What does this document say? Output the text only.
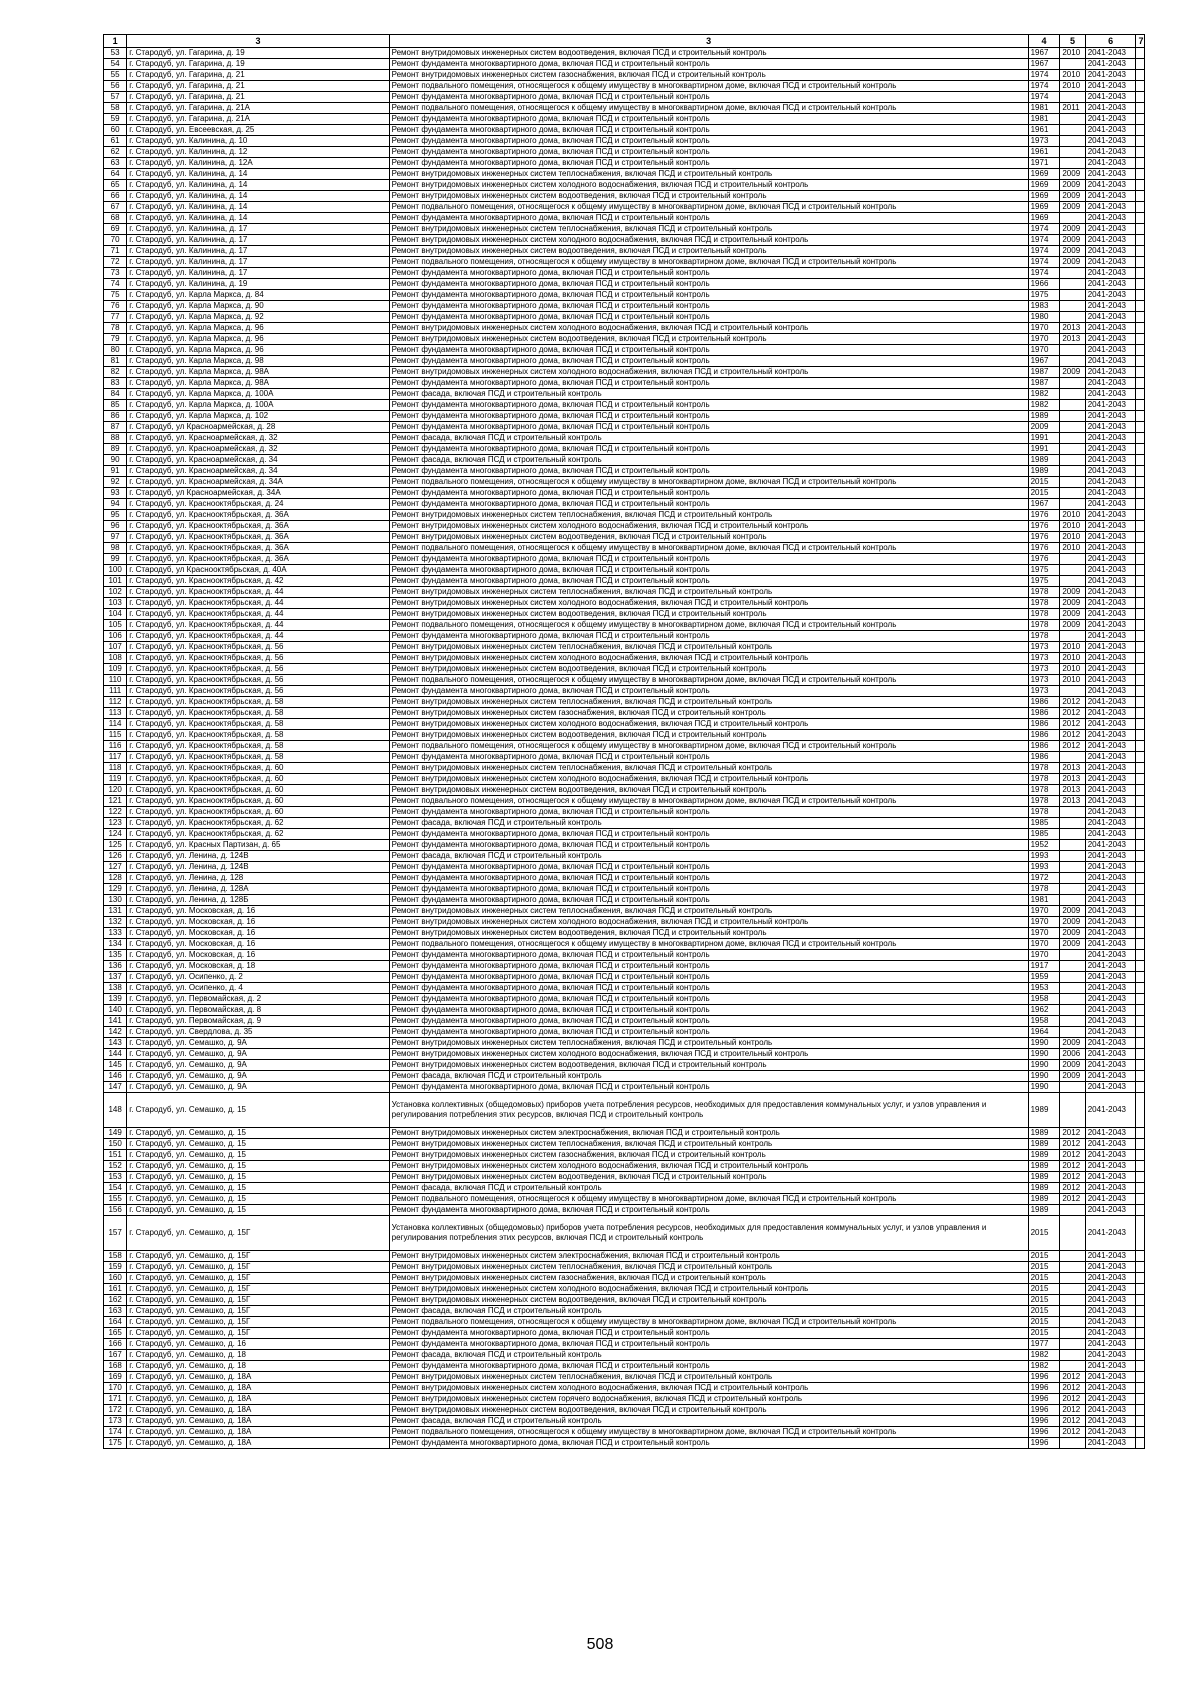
1	3	3	4	5	6	7
53	г. Стародуб, ул. Гагарина, д. 19	Ремонт внутридомовых инженерных систем водоотведения, включая ПСД и строительный контроль	1967	2010	2041-2043	
54	г. Стародуб, ул. Гагарина, д. 19	Ремонт фундамента многоквартирного дома, включая ПСД и строительный контроль	1967		2041-2043	
55	г. Стародуб, ул. Гагарина, д. 21	Ремонт внутридомовых инженерных систем газоснабжения, включая ПСД и строительный контроль	1974	2010	2041-2043	
56	г. Стародуб, ул. Гагарина, д. 21	Ремонт подвального помещения, относящегося к общему имуществу в многоквартирном доме, включая ПСД и строительный контроль	1974	2010	2041-2043	
57	г. Стародуб, ул. Гагарина, д. 21	Ремонт фундамента многоквартирного дома, включая ПСД и строительный контроль	1974		2041-2043	
58	г. Стародуб, ул. Гагарина, д. 21А	Ремонт подвального помещения, относящегося к общему имуществу в многоквартирном доме, включая ПСД и строительный контроль	1981	2011	2041-2043	
59	г. Стародуб, ул. Гагарина, д. 21А	Ремонт фундамента многоквартирного дома, включая ПСД и строительный контроль	1981		2041-2043	
60	г. Стародуб, ул. Евсеевская, д. 25	Ремонт фундамента многоквартирного дома, включая ПСД и строительный контроль	1961		2041-2043	
61	г. Стародуб, ул. Калинина, д. 10	Ремонт фундамента многоквартирного дома, включая ПСД и строительный контроль	1973		2041-2043	
62	г. Стародуб, ул. Калинина, д. 12	Ремонт фундамента многоквартирного дома, включая ПСД и строительный контроль	1961		2041-2043	
63	г. Стародуб, ул. Калинина, д. 12А	Ремонт фундамента многоквартирного дома, включая ПСД и строительный контроль	1971		2041-2043	
64	г. Стародуб, ул. Калинина, д. 14	Ремонт внутридомовых инженерных систем теплоснабжения, включая ПСД и строительный контроль	1969	2009	2041-2043	
65	г. Стародуб, ул. Калинина, д. 14	Ремонт внутридомовых инженерных систем холодного водоснабжения, включая ПСД и строительный контроль	1969	2009	2041-2043	
66	г. Стародуб, ул. Калинина, д. 14	Ремонт внутридомовых инженерных систем водоотведения, включая ПСД и строительный контроль	1969	2009	2041-2043	
67	г. Стародуб, ул. Калинина, д. 14	Ремонт подвального помещения, относящегося к общему имуществу в многоквартирном доме, включая ПСД и строительный контроль	1969	2009	2041-2043	
68	г. Стародуб, ул. Калинина, д. 14	Ремонт фундамента многоквартирного дома, включая ПСД и строительный контроль	1969		2041-2043	
69	г. Стародуб, ул. Калинина, д. 17	Ремонт внутридомовых инженерных систем теплоснабжения, включая ПСД и строительный контроль	1974	2009	2041-2043	
70	г. Стародуб, ул. Калинина, д. 17	Ремонт внутридомовых инженерных систем холодного водоснабжения, включая ПСД и строительный контроль	1974	2009	2041-2043	
71	г. Стародуб, ул. Калинина, д. 17	Ремонт внутридомовых инженерных систем водоотведения, включая ПСД и строительный контроль	1974	2009	2041-2043	
72	г. Стародуб, ул. Калинина, д. 17	Ремонт подвального помещения, относящегося к общему имуществу в многоквартирном доме, включая ПСД и строительный контроль	1974	2009	2041-2043	
73	г. Стародуб, ул. Калинина, д. 17	Ремонт фундамента многоквартирного дома, включая ПСД и строительный контроль	1974		2041-2043	
74	г. Стародуб, ул. Калинина, д. 19	Ремонт фундамента многоквартирного дома, включая ПСД и строительный контроль	1966		2041-2043	
75	г. Стародуб, ул. Карла Маркса, д. 84	Ремонт фундамента многоквартирного дома, включая ПСД и строительный контроль	1975		2041-2043	
76	г. Стародуб, ул. Карла Маркса, д. 90	Ремонт фундамента многоквартирного дома, включая ПСД и строительный контроль	1983		2041-2043	
77	г. Стародуб, ул. Карла Маркса, д. 92	Ремонт фундамента многоквартирного дома, включая ПСД и строительный контроль	1980		2041-2043	
78	г. Стародуб, ул. Карла Маркса, д. 96	Ремонт внутридомовых инженерных систем холодного водоснабжения, включая ПСД и строительный контроль	1970	2013	2041-2043	
79	г. Стародуб, ул. Карла Маркса, д. 96	Ремонт внутридомовых инженерных систем водоотведения, включая ПСД и строительный контроль	1970	2013	2041-2043	
80	г. Стародуб, ул. Карла Маркса, д. 96	Ремонт фундамента многоквартирного дома, включая ПСД и строительный контроль	1970		2041-2043	
81	г. Стародуб, ул. Карла Маркса, д. 98	Ремонт фундамента многоквартирного дома, включая ПСД и строительный контроль	1967		2041-2043	
82	г. Стародуб, ул. Карла Маркса, д. 98А	Ремонт внутридомовых инженерных систем холодного водоснабжения, включая ПСД и строительный контроль	1987	2009	2041-2043	
83	г. Стародуб, ул. Карла Маркса, д. 98А	Ремонт фундамента многоквартирного дома, включая ПСД и строительный контроль	1987		2041-2043	
84	г. Стародуб, ул. Карла Маркса, д. 100А	Ремонт фасада, включая ПСД и строительный контроль	1982		2041-2043	
85	г. Стародуб, ул. Карла Маркса, д. 100А	Ремонт фундамента многоквартирного дома, включая ПСД и строительный контроль	1982		2041-2043	
86	г. Стародуб, ул. Карла Маркса, д. 102	Ремонт фундамента многоквартирного дома, включая ПСД и строительный контроль	1989		2041-2043	
87	г. Стародуб, ул Красноармейская, д. 28	Ремонт фундамента многоквартирного дома, включая ПСД и строительный контроль	2009		2041-2043	
88	г. Стародуб, ул. Красноармейская, д. 32	Ремонт фасада, включая ПСД и строительный контроль	1991		2041-2043	
89	г. Стародуб, ул. Красноармейская, д. 32	Ремонт фундамента многоквартирного дома, включая ПСД и строительный контроль	1991		2041-2043	
90	г. Стародуб, ул. Красноармейская, д. 34	Ремонт фасада, включая ПСД и строительный контроль	1989		2041-2043	
91	г. Стародуб, ул. Красноармейская, д. 34	Ремонт фундамента многоквартирного дома, включая ПСД и строительный контроль	1989		2041-2043	
92	г. Стародуб, ул. Красноармейская, д. 34А	Ремонт подвального помещения, относящегося к общему имуществу в многоквартирном доме, включая ПСД и строительный контроль	2015		2041-2043	
93	г. Стародуб, ул Красноармейская, д. 34А	Ремонт фундамента многоквартирного дома, включая ПСД и строительный контроль	2015		2041-2043	
94	г. Стародуб, ул. Краснооктябрьская, д. 24	Ремонт фундамента многоквартирного дома, включая ПСД и строительный контроль	1967		2041-2043	
95	г. Стародуб, ул. Краснооктябрьская, д. 36А	Ремонт внутридомовых инженерных систем теплоснабжения, включая ПСД и строительный контроль	1976	2010	2041-2043	
96	г. Стародуб, ул. Краснооктябрьская, д. 36А	Ремонт внутридомовых инженерных систем холодного водоснабжения, включая ПСД и строительный контроль	1976	2010	2041-2043	
97	г. Стародуб, ул. Краснооктябрьская, д. 36А	Ремонт внутридомовых инженерных систем водоотведения, включая ПСД и строительный контроль	1976	2010	2041-2043	
98	г. Стародуб, ул. Краснооктябрьская, д. 36А	Ремонт подвального помещения, относящегося к общему имуществу в многоквартирном доме, включая ПСД и строительный контроль	1976	2010	2041-2043	
99	г. Стародуб, ул. Краснооктябрьская, д. 36А	Ремонт фундамента многоквартирного дома, включая ПСД и строительный контроль	1976		2041-2043	
100	г. Стародуб, ул Краснооктябрьская, д. 40А	Ремонт фундамента многоквартирного дома, включая ПСД и строительный контроль	1975		2041-2043	
101	г. Стародуб, ул. Краснооктябрьская, д. 42	Ремонт фундамента многоквартирного дома, включая ПСД и строительный контроль	1975		2041-2043	
102	г. Стародуб, ул. Краснооктябрьская, д. 44	Ремонт внутридомовых инженерных систем теплоснабжения, включая ПСД и строительный контроль	1978	2009	2041-2043	
103	г. Стародуб, ул. Краснооктябрьская, д. 44	Ремонт внутридомовых инженерных систем холодного водоснабжения, включая ПСД и строительный контроль	1978	2009	2041-2043	
104	г. Стародуб, ул. Краснооктябрьская, д. 44	Ремонт внутридомовых инженерных систем водоотведения, включая ПСД и строительный контроль	1978	2009	2041-2043	
105	г. Стародуб, ул. Краснооктябрьская, д. 44	Ремонт подвального помещения, относящегося к общему имуществу в многоквартирном доме, включая ПСД и строительный контроль	1978	2009	2041-2043	
106	г. Стародуб, ул. Краснооктябрьская, д. 44	Ремонт фундамента многоквартирного дома, включая ПСД и строительный контроль	1978		2041-2043	
107	г. Стародуб, ул. Краснооктябрьская, д. 56	Ремонт внутридомовых инженерных систем теплоснабжения, включая ПСД и строительный контроль	1973	2010	2041-2043	
108	г. Стародуб, ул. Краснооктябрьская, д. 56	Ремонт внутридомовых инженерных систем холодного водоснабжения, включая ПСД и строительный контроль	1973	2010	2041-2043	
109	г. Стародуб, ул. Краснооктябрьская, д. 56	Ремонт внутридомовых инженерных систем водоотведения, включая ПСД и строительный контроль	1973	2010	2041-2043	
110	г. Стародуб, ул. Краснооктябрьская, д. 56	Ремонт подвального помещения, относящегося к общему имуществу в многоквартирном доме, включая ПСД и строительный контроль	1973	2010	2041-2043	
111	г. Стародуб, ул. Краснооктябрьская, д. 56	Ремонт фундамента многоквартирного дома, включая ПСД и строительный контроль	1973		2041-2043	
112	г. Стародуб, ул. Краснооктябрьская, д. 58	Ремонт внутридомовых инженерных систем теплоснабжения, включая ПСД и строительный контроль	1986	2012	2041-2043	
113	г. Стародуб, ул. Краснооктябрьская, д. 58	Ремонт внутридомовых инженерных систем газоснабжения, включая ПСД и строительный контроль	1986	2012	2041-2043	
114	г. Стародуб, ул. Краснооктябрьская, д. 58	Ремонт внутридомовых инженерных систем холодного водоснабжения, включая ПСД и строительный контроль	1986	2012	2041-2043	
115	г. Стародуб, ул. Краснооктябрьская, д. 58	Ремонт внутридомовых инженерных систем водоотведения, включая ПСД и строительный контроль	1986	2012	2041-2043	
116	г. Стародуб, ул. Краснооктябрьская, д. 58	Ремонт подвального помещения, относящегося к общему имуществу в многоквартирном доме, включая ПСД и строительный контроль	1986	2012	2041-2043	
117	г. Стародуб, ул. Краснооктябрьская, д. 58	Ремонт фундамента многоквартирного дома, включая ПСД и строительный контроль	1986		2041-2043	
118	г. Стародуб, ул. Краснооктябрьская, д. 60	Ремонт внутридомовых инженерных систем теплоснабжения, включая ПСД и строительный контроль	1978	2013	2041-2043	
119	г. Стародуб, ул. Краснооктябрьская, д. 60	Ремонт внутридомовых инженерных систем холодного водоснабжения, включая ПСД и строительный контроль	1978	2013	2041-2043	
120	г. Стародуб, ул. Краснооктябрьская, д. 60	Ремонт внутридомовых инженерных систем водоотведения, включая ПСД и строительный контроль	1978	2013	2041-2043	
121	г. Стародуб, ул. Краснооктябрьская, д. 60	Ремонт подвального помещения, относящегося к общему имуществу в многоквартирном доме, включая ПСД и строительный контроль	1978	2013	2041-2043	
122	г. Стародуб, ул. Краснооктябрьская, д. 60	Ремонт фундамента многоквартирного дома, включая ПСД и строительный контроль	1978		2041-2043	
123	г. Стародуб, ул. Краснооктябрьская, д. 62	Ремонт фасада, включая ПСД и строительный контроль	1985		2041-2043	
124	г. Стародуб, ул. Краснооктябрьская, д. 62	Ремонт фундамента многоквартирного дома, включая ПСД и строительный контроль	1985		2041-2043	
125	г. Стародуб, ул. Красных Партизан, д. 65	Ремонт фундамента многоквартирного дома, включая ПСД и строительный контроль	1952		2041-2043	
126	г. Стародуб, ул. Ленина, д. 124В	Ремонт фасада, включая ПСД и строительный контроль	1993		2041-2043	
127	г. Стародуб, ул. Ленина, д. 124В	Ремонт фундамента многоквартирного дома, включая ПСД и строительный контроль	1993		2041-2043	
128	г. Стародуб, ул. Ленина, д. 128	Ремонт фундамента многоквартирного дома, включая ПСД и строительный контроль	1972		2041-2043	
129	г. Стародуб, ул. Ленина, д. 128А	Ремонт фундамента многоквартирного дома, включая ПСД и строительный контроль	1978		2041-2043	
130	г. Стародуб, ул. Ленина, д. 128Б	Ремонт фундамента многоквартирного дома, включая ПСД и строительный контроль	1981		2041-2043	
131	г. Стародуб, ул. Московская, д. 16	Ремонт внутридомовых инженерных систем теплоснабжения, включая ПСД и строительный контроль	1970	2009	2041-2043	
132	г. Стародуб, ул. Московская, д. 16	Ремонт внутридомовых инженерных систем холодного водоснабжения, включая ПСД и строительный контроль	1970	2009	2041-2043	
133	г. Стародуб, ул. Московская, д. 16	Ремонт внутридомовых инженерных систем водоотведения, включая ПСД и строительный контроль	1970	2009	2041-2043	
134	г. Стародуб, ул. Московская, д. 16	Ремонт подвального помещения, относящегося к общему имуществу в многоквартирном доме, включая ПСД и строительный контроль	1970	2009	2041-2043	
135	г. Стародуб, ул. Московская, д. 16	Ремонт фундамента многоквартирного дома, включая ПСД и строительный контроль	1970		2041-2043	
136	г. Стародуб, ул. Московская, д. 18	Ремонт фундамента многоквартирного дома, включая ПСД и строительный контроль	1917		2041-2043	
137	г. Стародуб, ул. Осипенко, д. 2	Ремонт фундамента многоквартирного дома, включая ПСД и строительный контроль	1959		2041-2043	
138	г. Стародуб, ул. Осипенко, д. 4	Ремонт фундамента многоквартирного дома, включая ПСД и строительный контроль	1953		2041-2043	
139	г. Стародуб, ул. Первомайская, д. 2	Ремонт фундамента многоквартирного дома, включая ПСД и строительный контроль	1958		2041-2043	
140	г. Стародуб, ул. Первомайская, д. 8	Ремонт фундамента многоквартирного дома, включая ПСД и строительный контроль	1962		2041-2043	
141	г. Стародуб, ул. Первомайская, д. 9	Ремонт фундамента многоквартирного дома, включая ПСД и строительный контроль	1958		2041-2043	
142	г. Стародуб, ул. Свердлова, д. 35	Ремонт фундамента многоквартирного дома, включая ПСД и строительный контроль	1964		2041-2043	
143	г. Стародуб, ул. Семашко, д. 9А	Ремонт внутридомовых инженерных систем теплоснабжения, включая ПСД и строительный контроль	1990	2009	2041-2043	
144	г. Стародуб, ул. Семашко, д. 9А	Ремонт внутридомовых инженерных систем холодного водоснабжения, включая ПСД и строительный контроль	1990	2006	2041-2043	
145	г. Стародуб, ул. Семашко, д. 9А	Ремонт внутридомовых инженерных систем водоотведения, включая ПСД и строительный контроль	1990	2009	2041-2043	
146	г. Стародуб, ул. Семашко, д. 9А	Ремонт фасада, включая ПСД и строительный контроль	1990	2009	2041-2043	
147	г. Стародуб, ул. Семашко, д. 9А	Ремонт фундамента многоквартирного дома, включая ПСД и строительный контроль	1990		2041-2043	
148	г. Стародуб, ул. Семашко, д. 15	Установка коллективных (общедомовых) приборов учета потребления ресурсов, необходимых для предоставления коммунальных услуг, и узлов управления и регулирования потребления этих ресурсов, включая ПСД и строительный контроль	1989		2041-2043	
149	г. Стародуб, ул. Семашко, д. 15	Ремонт внутридомовых инженерных систем электроснабжения, включая ПСД и строительный контроль	1989	2012	2041-2043	
150	г. Стародуб, ул. Семашко, д. 15	Ремонт внутридомовых инженерных систем теплоснабжения, включая ПСД и строительный контроль	1989	2012	2041-2043	
151	г. Стародуб, ул. Семашко, д. 15	Ремонт внутридомовых инженерных систем газоснабжения, включая ПСД и строительный контроль	1989	2012	2041-2043	
152	г. Стародуб, ул. Семашко, д. 15	Ремонт внутридомовых инженерных систем холодного водоснабжения, включая ПСД и строительный контроль	1989	2012	2041-2043	
153	г. Стародуб, ул. Семашко, д. 15	Ремонт внутридомовых инженерных систем водоотведения, включая ПСД и строительный контроль	1989	2012	2041-2043	
154	г. Стародуб, ул. Семашко, д. 15	Ремонт фасада, включая ПСД и строительный контроль	1989	2012	2041-2043	
155	г. Стародуб, ул. Семашко, д. 15	Ремонт подвального помещения, относящегося к общему имуществу в многоквартирном доме, включая ПСД и строительный контроль	1989	2012	2041-2043	
156	г. Стародуб, ул. Семашко, д. 15	Ремонт фундамента многоквартирного дома, включая ПСД и строительный контроль	1989		2041-2043	
157	г. Стародуб, ул. Семашко, д. 15Г	Установка коллективных (общедомовых) приборов учета потребления ресурсов, необходимых для предоставления коммунальных услуг, и узлов управления и регулирования потребления этих ресурсов, включая ПСД и строительный контроль	2015		2041-2043	
158	г. Стародуб, ул. Семашко, д. 15Г	Ремонт внутридомовых инженерных систем электроснабжения, включая ПСД и строительный контроль	2015		2041-2043	
159	г. Стародуб, ул. Семашко, д. 15Г	Ремонт внутридомовых инженерных систем теплоснабжения, включая ПСД и строительный контроль	2015		2041-2043	
160	г. Стародуб, ул. Семашко, д. 15Г	Ремонт внутридомовых инженерных систем газоснабжения, включая ПСД и строительный контроль	2015		2041-2043	
161	г. Стародуб, ул. Семашко, д. 15Г	Ремонт внутридомовых инженерных систем холодного водоснабжения, включая ПСД и строительный контроль	2015		2041-2043	
162	г. Стародуб, ул. Семашко, д. 15Г	Ремонт внутридомовых инженерных систем водоотведения, включая ПСД и строительный контроль	2015		2041-2043	
163	г. Стародуб, ул. Семашко, д. 15Г	Ремонт фасада, включая ПСД и строительный контроль	2015		2041-2043	
164	г. Стародуб, ул. Семашко, д. 15Г	Ремонт подвального помещения, относящегося к общему имуществу в многоквартирном доме, включая ПСД и строительный контроль	2015		2041-2043	
165	г. Стародуб, ул. Семашко, д. 15Г	Ремонт фундамента многоквартирного дома, включая ПСД и строительный контроль	2015		2041-2043	
166	г. Стародуб, ул. Семашко, д. 16	Ремонт фундамента многоквартирного дома, включая ПСД и строительный контроль	1977		2041-2043	
167	г. Стародуб, ул. Семашко, д. 18	Ремонт фасада, включая ПСД и строительный контроль	1982		2041-2043	
168	г. Стародуб, ул. Семашко, д. 18	Ремонт фундамента многоквартирного дома, включая ПСД и строительный контроль	1982		2041-2043	
169	г. Стародуб, ул. Семашко, д. 18А	Ремонт внутридомовых инженерных систем теплоснабжения, включая ПСД и строительный контроль	1996	2012	2041-2043	
170	г. Стародуб, ул. Семашко, д. 18А	Ремонт внутридомовых инженерных систем холодного водоснабжения, включая ПСД и строительный контроль	1996	2012	2041-2043	
171	г. Стародуб, ул. Семашко, д. 18А	Ремонт внутридомовых инженерных систем горячего водоснабжения, включая ПСД и строительный контроль	1996	2012	2041-2043	
172	г. Стародуб, ул. Семашко, д. 18А	Ремонт внутридомовых инженерных систем водоотведения, включая ПСД и строительный контроль	1996	2012	2041-2043	
173	г. Стародуб, ул. Семашко, д. 18А	Ремонт фасада, включая ПСД и строительный контроль	1996	2012	2041-2043	
174	г. Стародуб, ул. Семашко, д. 18А	Ремонт подвального помещения, относящегося к общему имуществу в многоквартирном доме, включая ПСД и строительный контроль	1996	2012	2041-2043	
175	г. Стародуб, ул. Семашко, д. 18А	Ремонт фундамента многоквартирного дома, включая ПСД и строительный контроль	1996		2041-2043	
508
